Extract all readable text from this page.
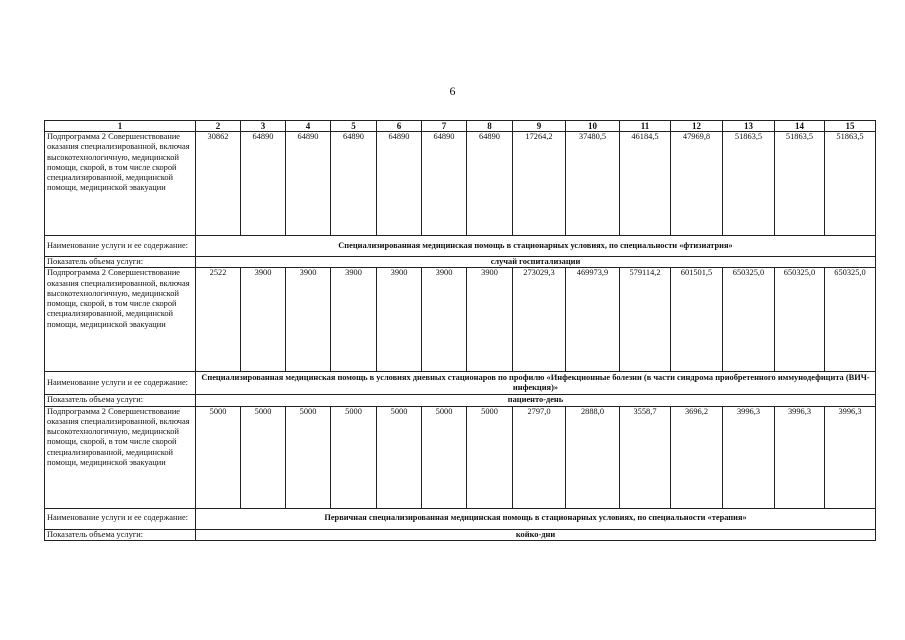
6
1	2	3	4	5	6	7	8	9	10	11	12	13	14	15
Подпрограмма 2 Совершенствование оказания специализированной, включая высокотехнологичную, медицинской помощи, скорой, в том числе скорой специализированной, медицинской помощи, медицинской эвакуации	30862	64890	64890	64890	64890	64890	64890	17264,2	37480,5	46184,5	47969,8	51863,5	51863,5	51863,5
Наименование услуги и ее содержание:	Специализированная медицинская помощь в стационарных условиях, по специальности «фтизиатрия»													
Показатель объема услуги:	случай госпитализации													
Подпрограмма 2 Совершенствование оказания специализированной, включая высокотехнологичную, медицинской помощи, скорой, в том числе скорой специализированной, медицинской помощи, медицинской эвакуации	2522	3900	3900	3900	3900	3900	3900	273029,3	469973,9	579114,2	601501,5	650325,0	650325,0	650325,0
Наименование услуги и ее содержание:	Специализированная медицинская помощь в условиях дневных стационаров по профилю «Инфекционные болезни (в части синдрома приобретенного иммунодефицита (ВИЧ-инфекция)»													
Показатель объема услуги:	пациенто-день													
Подпрограмма 2 Совершенствование оказания специализированной, включая высокотехнологичную, медицинской помощи, скорой, в том числе скорой специализированной, медицинской помощи, медицинской эвакуации	5000	5000	5000	5000	5000	5000	5000	2797,0	2888,0	3558,7	3696,2	3996,3	3996,3	3996,3
Наименование услуги и ее содержание:	Первичная специализированная медицинская помощь в стационарных условиях, по специальности «терапия»													
Показатель объема услуги:	койко-дни													
